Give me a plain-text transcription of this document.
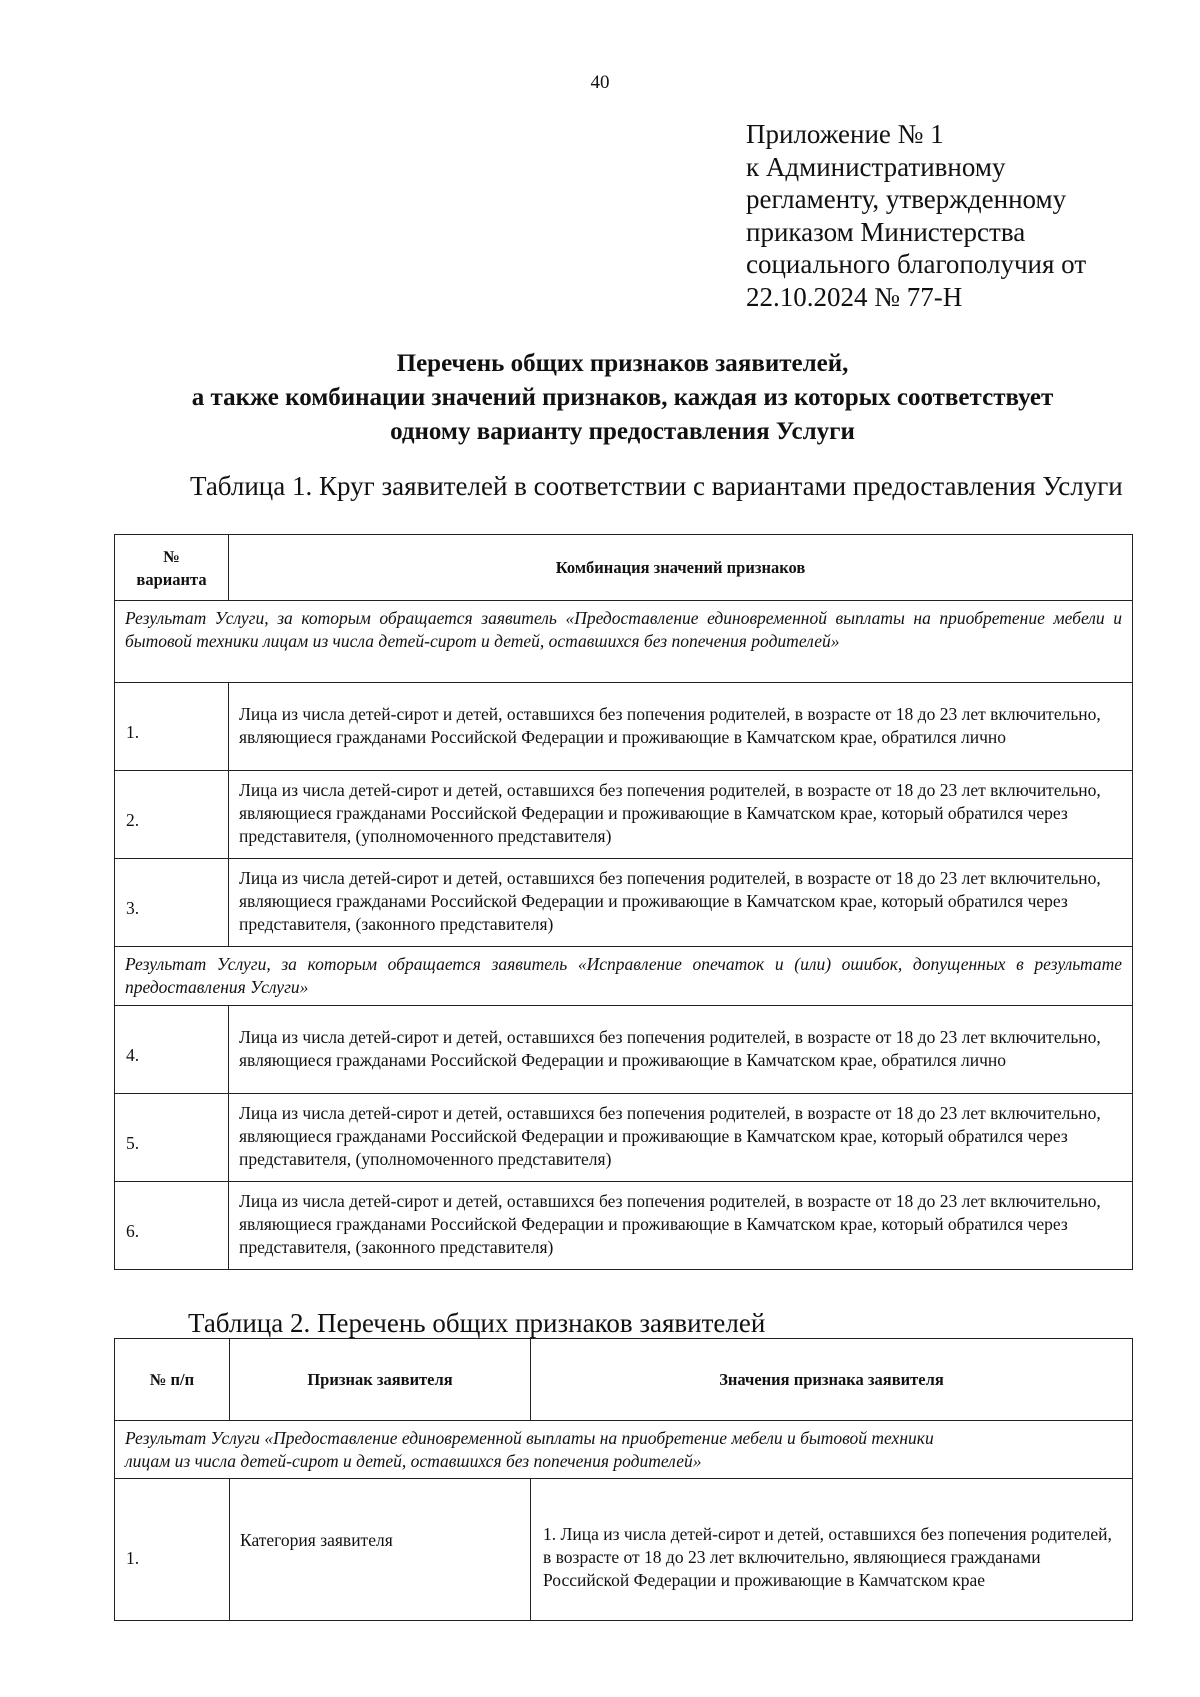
40
Приложение № 1
к Административному
регламенту, утвержденному
приказом Министерства
социального благополучия от
22.10.2024 № 77-Н
Перечень общих признаков заявителей,
а также комбинации значений признаков, каждая из которых соответствует
одному варианту предоставления Услуги
Таблица 1. Круг заявителей в соответствии с вариантами предоставления Услуги
№
варианта	Комбинация значений признаков
Результат Услуги, за которым обращается заявитель «Предоставление единовременной выплаты на приобретение мебели и бытовой техники лицам из числа детей-сирот и детей, оставшихся без попечения родителей»	
1.	Лица из числа детей-сирот и детей, оставшихся без попечения родителей, в возрасте от 18 до 23 лет включительно, являющиеся гражданами Российской Федерации и проживающие в Камчатском крае, обратился лично
2.	Лица из числа детей-сирот и детей, оставшихся без попечения родителей, в возрасте от 18 до 23 лет включительно, являющиеся гражданами Российской Федерации и проживающие в Камчатском крае, который обратился через представителя, (уполномоченного представителя)
3.	Лица из числа детей-сирот и детей, оставшихся без попечения родителей, в возрасте от 18 до 23 лет включительно, являющиеся гражданами Российской Федерации и проживающие в Камчатском крае, который обратился через представителя, (законного представителя)
Результат Услуги, за которым обращается заявитель «Исправление опечаток и (или) ошибок, допущенных в результате предоставления Услуги»	
4.	Лица из числа детей-сирот и детей, оставшихся без попечения родителей, в возрасте от 18 до 23 лет включительно, являющиеся гражданами Российской Федерации и проживающие в Камчатском крае, обратился лично
5.	Лица из числа детей-сирот и детей, оставшихся без попечения родителей, в возрасте от 18 до 23 лет включительно, являющиеся гражданами Российской Федерации и проживающие в Камчатском крае, который обратился через представителя, (уполномоченного представителя)
6.	Лица из числа детей-сирот и детей, оставшихся без попечения родителей, в возрасте от 18 до 23 лет включительно, являющиеся гражданами Российской Федерации и проживающие в Камчатском крае, который обратился через представителя, (законного представителя)
Таблица 2. Перечень общих признаков заявителей
№ п/п	Признак заявителя	Значения признака заявителя

Результат Услуги «Предоставление единовременной выплаты на приобретение мебели и бытовой техники
лицам из числа детей-сирот и детей, оставшихся без попечения родителей»		

1.	Категория заявителя	1. Лица из числа детей-сирот и детей, оставшихся без попечения родителей, в возрасте от 18 до 23 лет включительно, являющиеся гражданами Российской Федерации и проживающие в Камчатском крае
